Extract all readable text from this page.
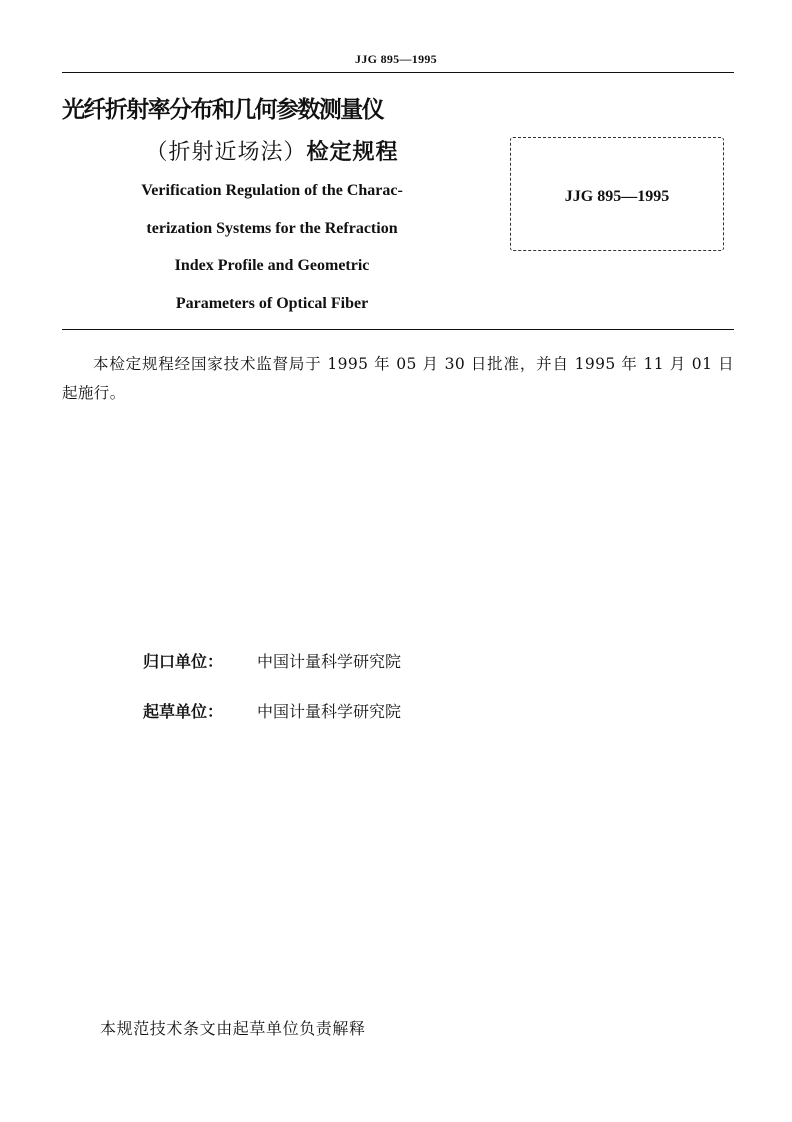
JJG 895—1995
光纤折射率分布和几何参数测量仪
（折射近场法）检定规程
Verification Regulation of the Charac-
terization Systems for the Refraction
Index Profile and Geometric
Parameters of Optical Fiber
JJG 895—1995
本检定规程经国家技术监督局于 1995 年 05 月 30 日批准，并自 1995 年 11 月 01 日起施行。
归口单位： 中国计量科学研究院
起草单位： 中国计量科学研究院
本规范技术条文由起草单位负责解释
